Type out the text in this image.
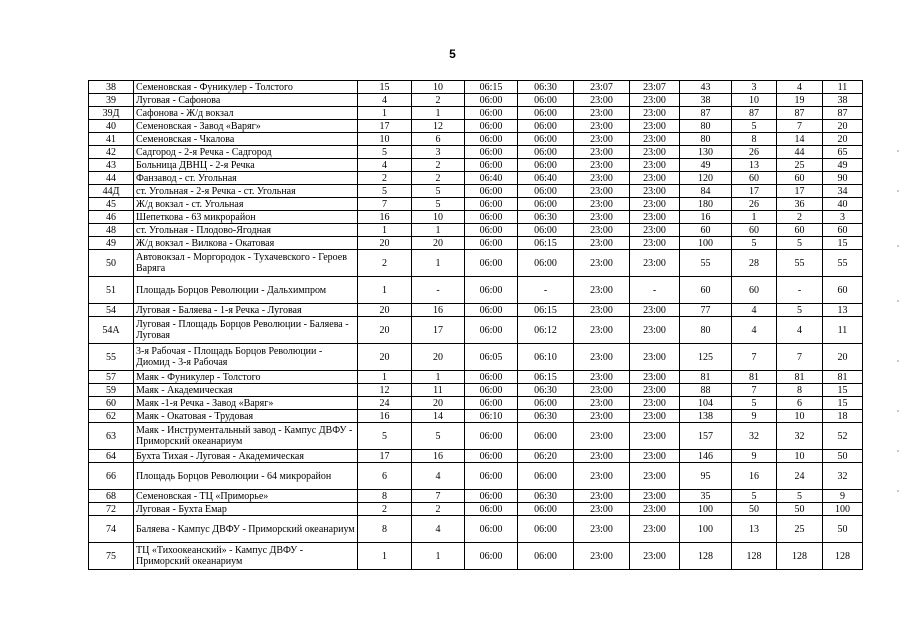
5
38	Семеновская - Фуникулер - Толстого	15	10	06:15	06:30	23:07	23:07	43	3	4	11
39	Луговая - Сафонова	4	2	06:00	06:00	23:00	23:00	38	10	19	38
39Д	Сафонова - Ж/д вокзал	1	1	06:00	06:00	23:00	23:00	87	87	87	87
40	Семеновская - Завод «Варяг»	17	12	06:00	06:00	23:00	23:00	80	5	7	20
41	Семеновская - Чкалова	10	6	06:00	06:00	23:00	23:00	80	8	14	20
42	Садгород - 2-я Речка - Садгород	5	3	06:00	06:00	23:00	23:00	130	26	44	65
43	Больница ДВНЦ - 2-я Речка	4	2	06:00	06:00	23:00	23:00	49	13	25	49
44	Фанзавод - ст. Угольная	2	2	06:40	06:40	23:00	23:00	120	60	60	90
44Д	ст. Угольная - 2-я Речка - ст. Угольная	5	5	06:00	06:00	23:00	23:00	84	17	17	34
45	Ж/д вокзал - ст. Угольная	7	5	06:00	06:00	23:00	23:00	180	26	36	40
46	Шепеткова - 63 микрорайон	16	10	06:00	06:30	23:00	23:00	16	1	2	3
48	ст. Угольная - Плодово-Ягодная	1	1	06:00	06:00	23:00	23:00	60	60	60	60
49	Ж/д вокзал - Вилкова - Окатовая	20	20	06:00	06:15	23:00	23:00	100	5	5	15
50	Автовокзал - Моргородок - Тухачевского - Героев Варяга	2	1	06:00	06:00	23:00	23:00	55	28	55	55
51	Площадь Борцов Революции - Дальхимпром	1	-	06:00	-	23:00	-	60	60	-	60
54	Луговая - Баляева - 1-я Речка - Луговая	20	16	06:00	06:15	23:00	23:00	77	4	5	13
54А	Луговая - Площадь Борцов Революции - Баляева - Луговая	20	17	06:00	06:12	23:00	23:00	80	4	4	11
55	3-я Рабочая - Площадь Борцов Революции - Диомид - 3-я Рабочая	20	20	06:05	06:10	23:00	23:00	125	7	7	20
57	Маяк - Фуникулер - Толстого	1	1	06:00	06:15	23:00	23:00	81	81	81	81
59	Маяк - Академическая	12	11	06:00	06:30	23:00	23:00	88	7	8	15
60	Маяк -1-я Речка - Завод «Варяг»	24	20	06:00	06:00	23:00	23:00	104	5	6	15
62	Маяк - Окатовая - Трудовая	16	14	06:10	06:30	23:00	23:00	138	9	10	18
63	Маяк - Инструментальный завод - Кампус ДВФУ - Приморский океанариум	5	5	06:00	06:00	23:00	23:00	157	32	32	52
64	Бухта Тихая - Луговая - Академическая	17	16	06:00	06:20	23:00	23:00	146	9	10	50
66	Площадь Борцов Революции - 64 микрорайон	6	4	06:00	06:00	23:00	23:00	95	16	24	32
68	Семеновская - ТЦ «Приморье»	8	7	06:00	06:30	23:00	23:00	35	5	5	9
72	Луговая - Бухта Емар	2	2	06:00	06:00	23:00	23:00	100	50	50	100
74	Баляева - Кампус ДВФУ - Приморский океанариум	8	4	06:00	06:00	23:00	23:00	100	13	25	50
75	ТЦ «Тихоокеанский» - Кампус ДВФУ - Приморский океанариум	1	1	06:00	06:00	23:00	23:00	128	128	128	128
